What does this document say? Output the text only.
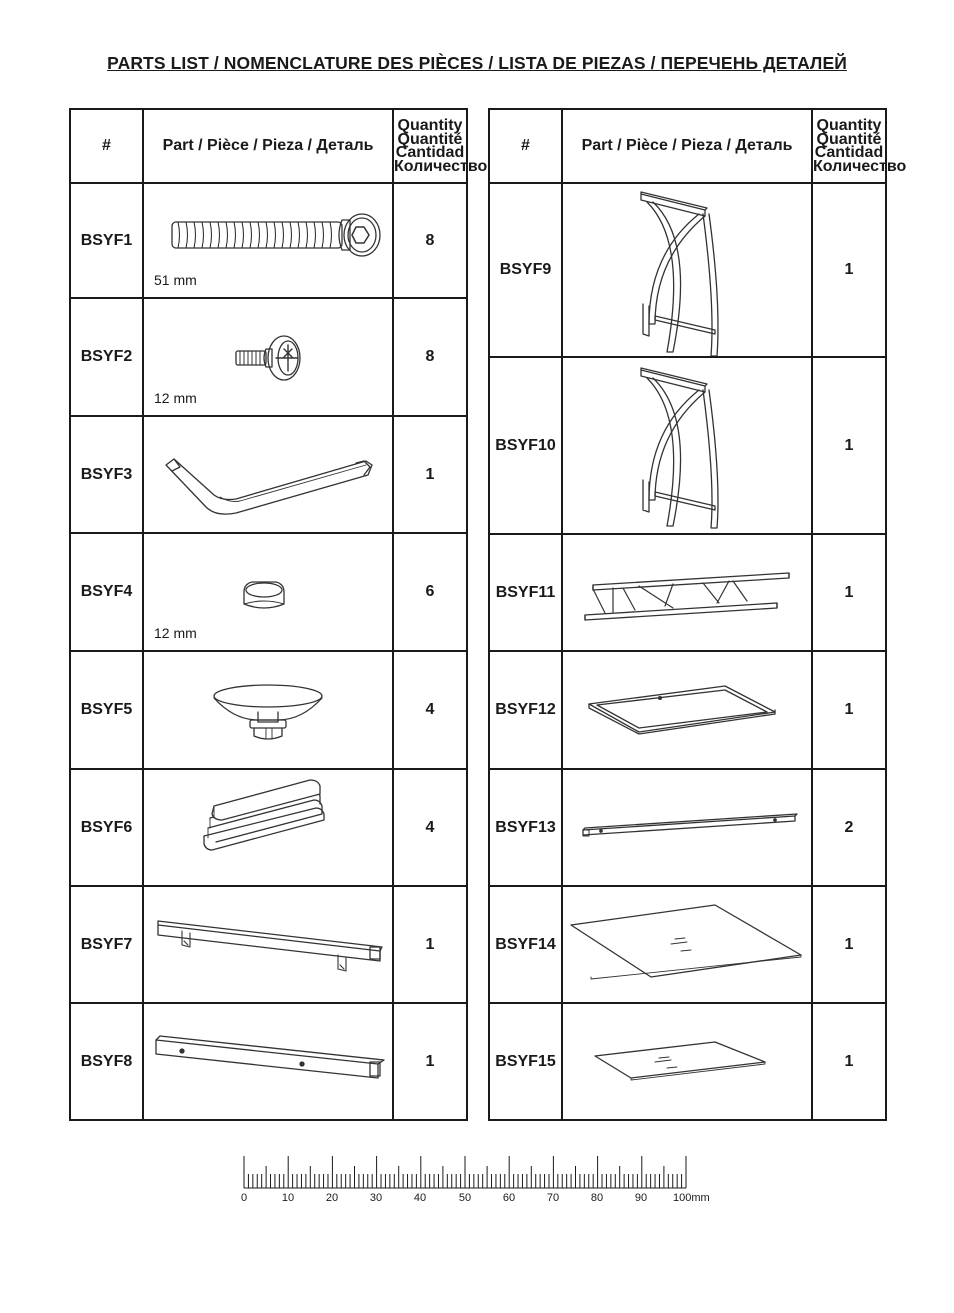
PARTS LIST / NOMENCLATURE DES PIÈCES / LISTA DE PIEZAS / ПЕРЕЧЕНЬ ДЕТАЛЕЙ
#	Part / Pièce / Pieza / Деталь	Quantity
Quantité
Cantidad
Количество

BSYF1	51 mm	8
BSYF2	12 mm	8
BSYF3		1
BSYF4	12 mm	6
BSYF5		4
BSYF6		4
BSYF7		1
BSYF8		1
#	Part / Pièce / Pieza / Деталь	Quantity
Quantité
Cantidad
Количество

BSYF9		1
BSYF10		1
BSYF11		1
BSYF12		1
BSYF13		2
BSYF14		1
BSYF15		1
0	10	20	30	40	50	60	70	80	90 100mm
